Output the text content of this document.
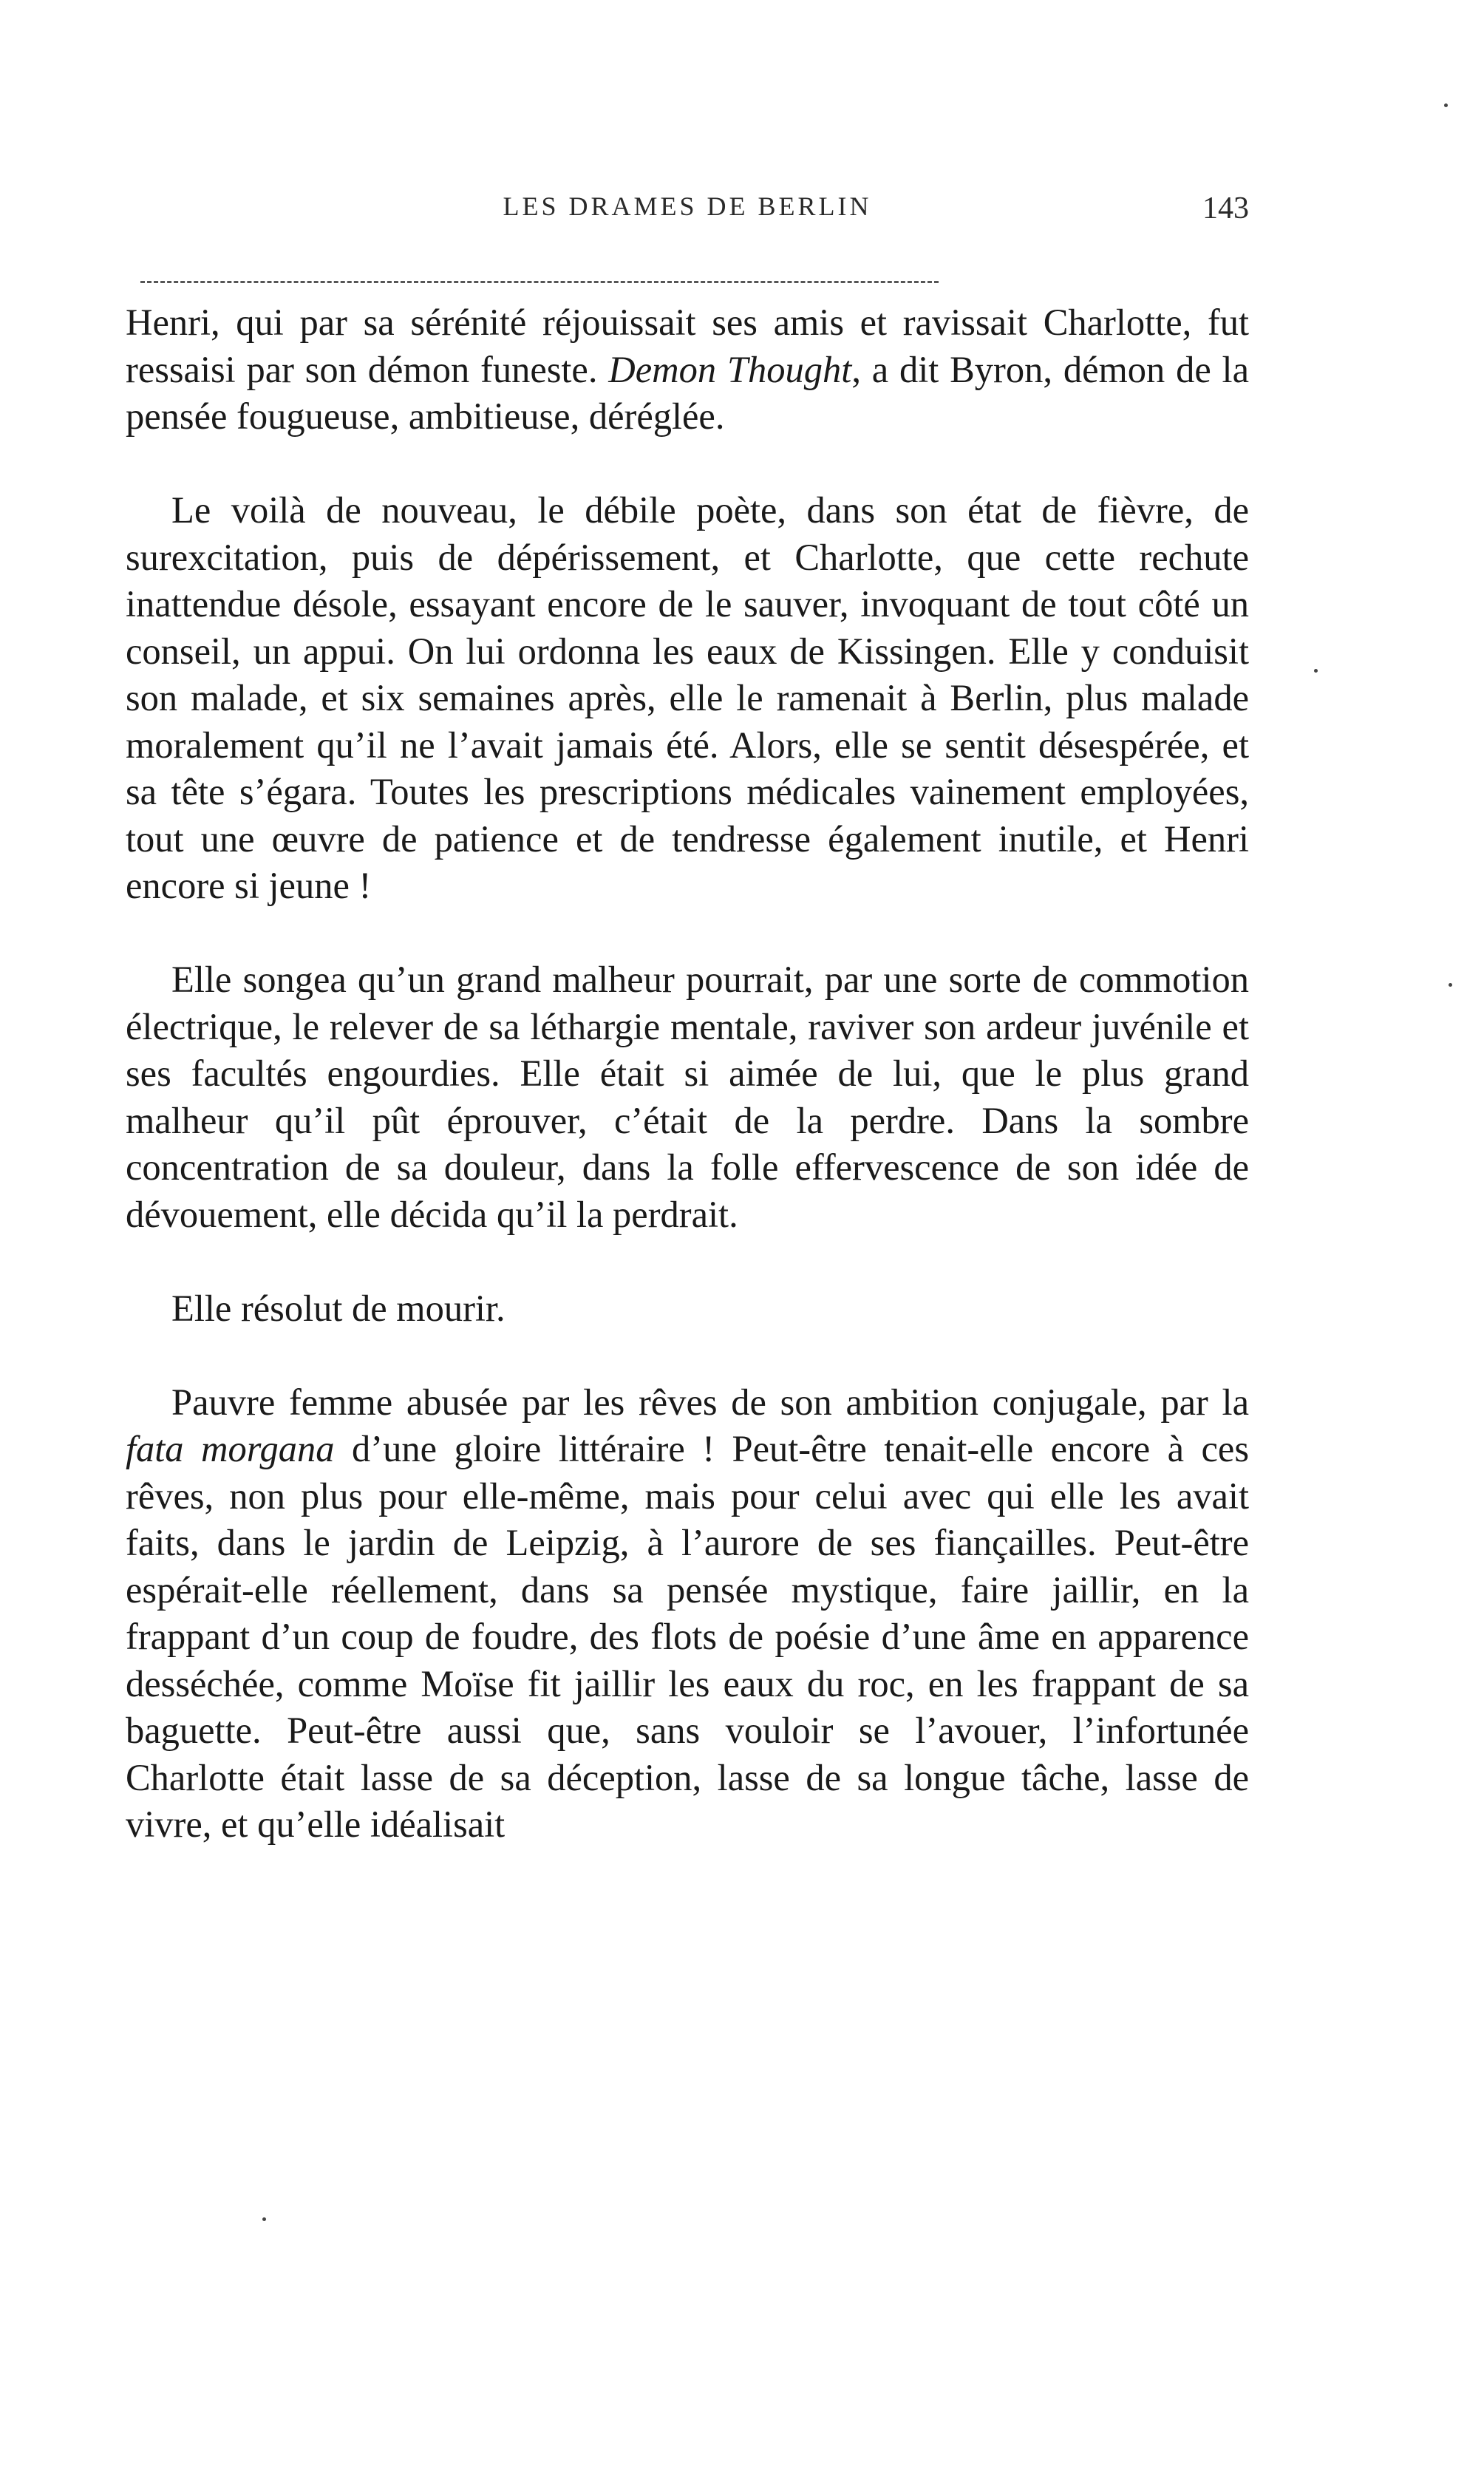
LES DRAMES DE BERLIN	143

Henri, qui par sa sérénité réjouissait ses amis et ravissait Charlotte, fut ressaisi par son démon funeste. Demon Thought, a dit Byron, démon de la pensée fougueuse, ambitieuse, déréglée.

Le voilà de nouveau, le débile poète, dans son état de fièvre, de surexcitation, puis de dépérissement, et Charlotte, que cette rechute inattendue désole, essayant encore de le sauver, invoquant de tout côté un conseil, un appui. On lui ordonna les eaux de Kissingen. Elle y conduisit son malade, et six semaines après, elle le ramenait à Berlin, plus malade moralement qu’il ne l’avait jamais été. Alors, elle se sentit désespérée, et sa tête s’égara. Toutes les prescriptions médicales vainement employées, tout une œuvre de patience et de tendresse également inutile, et Henri encore si jeune !

Elle songea qu’un grand malheur pourrait, par une sorte de commotion électrique, le relever de sa léthargie mentale, raviver son ardeur juvénile et ses facultés engourdies. Elle était si aimée de lui, que le plus grand malheur qu’il pût éprouver, c’était de la perdre. Dans la sombre concentration de sa douleur, dans la folle effervescence de son idée de dévouement, elle décida qu’il la perdrait.

Elle résolut de mourir.

Pauvre femme abusée par les rêves de son ambition conjugale, par la fata morgana d’une gloire littéraire ! Peut-être tenait-elle encore à ces rêves, non plus pour elle-même, mais pour celui avec qui elle les avait faits, dans le jardin de Leipzig, à l’aurore de ses fiançailles. Peut-être espérait-elle réellement, dans sa pensée mystique, faire jaillir, en la frappant d’un coup de foudre, des flots de poésie d’une âme en apparence desséchée, comme Moïse fit jaillir les eaux du roc, en les frappant de sa baguette. Peut-être aussi que, sans vouloir se l’avouer, l’infortunée Charlotte était lasse de sa déception, lasse de sa longue tâche, lasse de vivre, et qu’elle idéalisait
